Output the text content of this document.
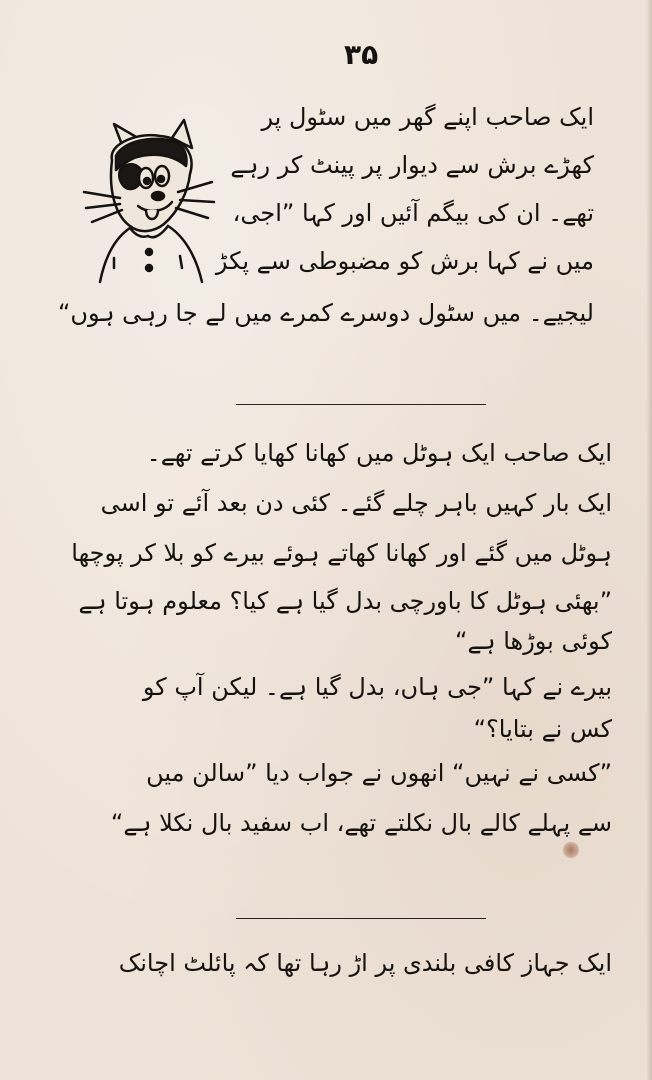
۳۵
ایک صاحب اپنے گھر میں سٹول پر
کھڑے برش سے دیوار پر پینٹ کر رہے
تھے۔ ان کی بیگم آئیں اور کہا ”اجی،
میں نے کہا برش کو مضبوطی سے پکڑ
لیجیے۔ میں سٹول دوسرے کمرے میں لے جا رہی ہوں“
ایک صاحب ایک ہوٹل میں کھانا کھایا کرتے تھے۔
ایک بار کہیں باہر چلے گئے۔ کئی دن بعد آئے تو اسی
ہوٹل میں گئے اور کھانا کھاتے ہوئے بیرے کو بلا کر پوچھا
”بھئی ہوٹل کا باورچی بدل گیا ہے کیا؟ معلوم ہوتا ہے
کوئی بوڑھا ہے“
بیرے نے کہا ”جی ہاں، بدل گیا ہے۔ لیکن آپ کو
کس نے بتایا؟“
”کسی نے نہیں“ انھوں نے جواب دیا ”سالن میں
سے پہلے کالے بال نکلتے تھے، اب سفید بال نکلا ہے“
ایک جہاز کافی بلندی پر اڑ رہا تھا کہ پائلٹ اچانک
